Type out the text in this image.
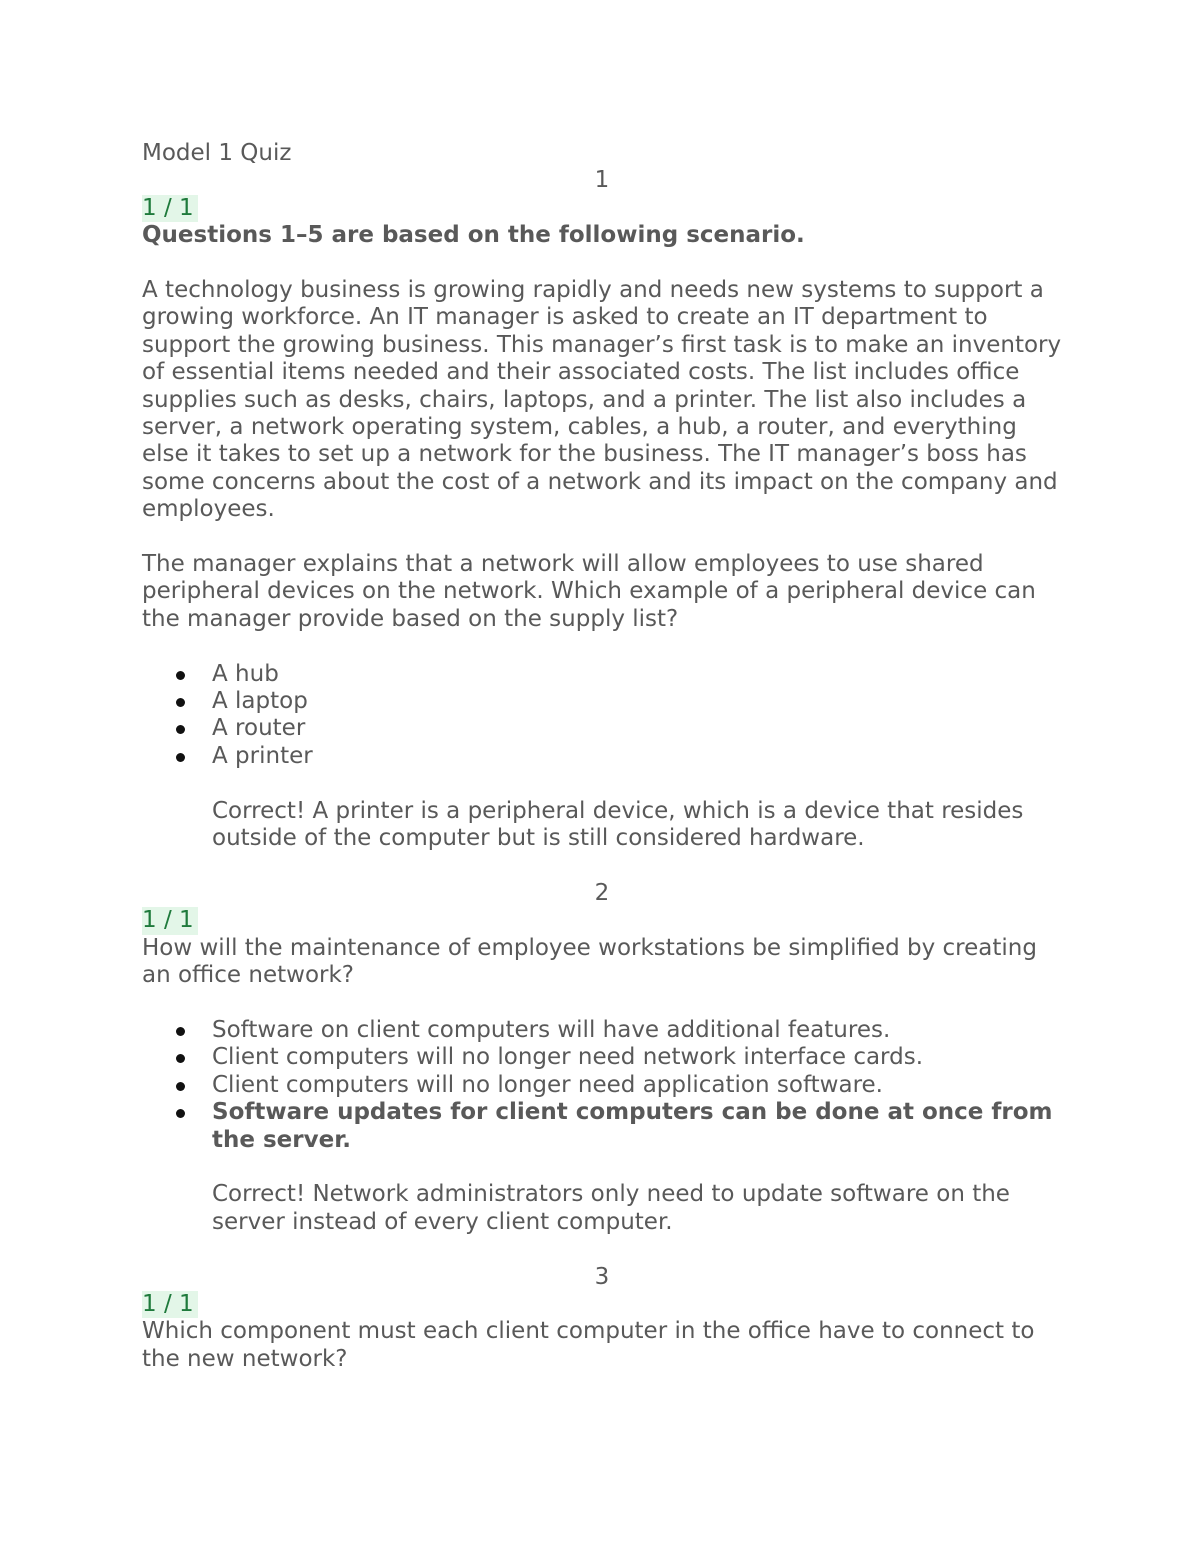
Model 1 Quiz

1
1 / 1

Questions 1–5 are based on the following scenario.

A technology business is growing rapidly and needs new systems to support a growing workforce. An IT manager is asked to create an IT department to support the growing business. This manager’s first task is to make an inventory of essential items needed and their associated costs. The list includes office supplies such as desks, chairs, laptops, and a printer. The list also includes a server, a network operating system, cables, a hub, a router, and everything else it takes to set up a network for the business. The IT manager’s boss has some concerns about the cost of a network and its impact on the company and employees.

The manager explains that a network will allow employees to use shared peripheral devices on the network. Which example of a peripheral device can the manager provide based on the supply list?

A hub
A laptop
A router
A printer

Correct! A printer is a peripheral device, which is a device that resides outside of the computer but is still considered hardware.

2
1 / 1

How will the maintenance of employee workstations be simplified by creating an office network?

Software on client computers will have additional features.
Client computers will no longer need network interface cards.
Client computers will no longer need application software.
Software updates for client computers can be done at once from the server.

Correct! Network administrators only need to update software on the server instead of every client computer.

3
1 / 1

Which component must each client computer in the office have to connect to the new network?
